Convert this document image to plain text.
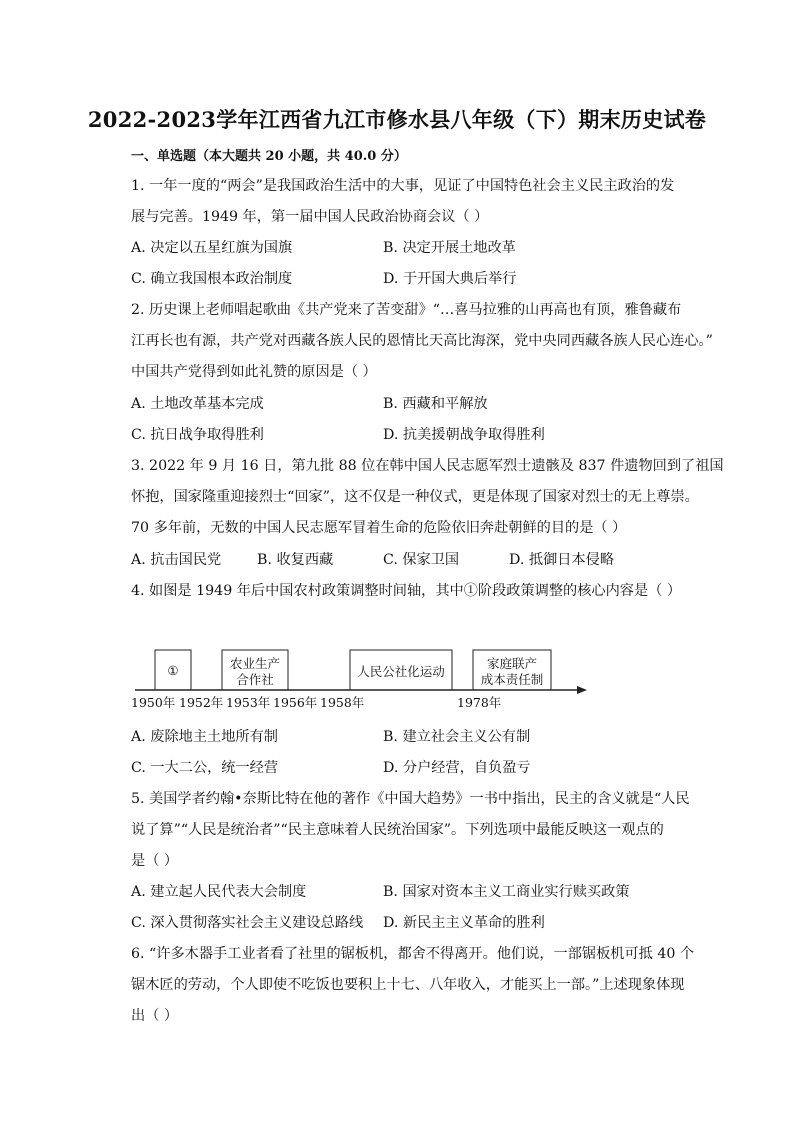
2022-2023学年江西省九江市修水县八年级（下）期末历史试卷
一、单选题（本大题共 20 小题，共 40.0 分）
1. 一年一度的“两会”是我国政治生活中的大事，见证了中国特色社会主义民主政治的发
展与完善。1949 年，第一届中国人民政治协商会议（ ）
A. 决定以五星红旗为国旗	B. 决定开展土地改革
C. 确立我国根本政治制度	D. 于开国大典后举行
2. 历史课上老师唱起歌曲《共产党来了苦变甜》“…喜马拉雅的山再高也有顶，雅鲁藏布
江再长也有源，共产党对西藏各族人民的恩情比天高比海深，党中央同西藏各族人民心连心。”
中国共产党得到如此礼赞的原因是（ ）
A. 土地改革基本完成	B. 西藏和平解放
C. 抗日战争取得胜利	D. 抗美援朝战争取得胜利
3. 2022 年 9 月 16 日，第九批 88 位在韩中国人民志愿军烈士遗骸及 837 件遗物回到了祖国
怀抱，国家隆重迎接烈士“回家”，这不仅是一种仪式，更是体现了国家对烈士的无上尊崇。
70 多年前，无数的中国人民志愿军冒着生命的危险依旧奔赴朝鲜的目的是（ ）
A. 抗击国民党	B. 收复西藏	C. 保家卫国	D. 抵御日本侵略
4. 如图是 1949 年后中国农村政策调整时间轴，其中①阶段政策调整的核心内容是（ ）
①	农业生产
合作社
人民公社化运动
家庭联产
成本责任制
1950年 1952年 1953年 1956年 1958年	1978年
A. 废除地主土地所有制	B. 建立社会主义公有制
C. 一大二公，统一经营	D. 分户经营，自负盈亏
5. 美国学者约翰•奈斯比特在他的著作《中国大趋势》一书中指出，民主的含义就是“人民
说了算”“人民是统治者”“民主意味着人民统治国家”。下列选项中最能反映这一观点的
是（ ）
A. 建立起人民代表大会制度	B. 国家对资本主义工商业实行赎买政策
C. 深入贯彻落实社会主义建设总路线 D. 新民主主义革命的胜利
6. “许多木器手工业者看了社里的锯板机，都舍不得离开。他们说，一部锯板机可抵 40 个
锯木匠的劳动，个人即使不吃饭也要积上十七、八年收入，才能买上一部。”上述现象体现
出（ ）
